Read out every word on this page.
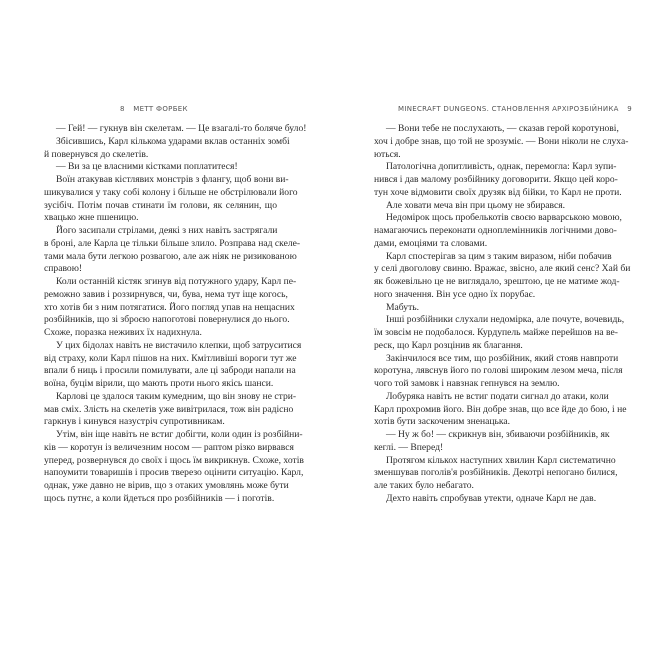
8 МЕТТ ФОРБЕК
— Гей! — гукнув він скелетам. — Це взагалі-то боляче було!
Збісившись, Карл кількома ударами вклав останніх зомбі
й повернувся до скелетів.
— Ви за це власними кістками поплатитеся!
Воїн атакував кістлявих монстрів з флангу, щоб вони ви-
шикувалися у таку собі колону і більше не обстрілювали його
зусібіч. Потім почав стинати їм голови, як селянин, що
хвацько жне пшеницю.
Його засипали стрілами, деякі з них навіть застрягали
в броні, але Карла це тільки більше злило. Розправа над скеле-
тами мала бути легкою розвагою, але аж ніяк не ризикованою
справою!
Коли останній кістяк згинув від потужного удару, Карл пе-
реможно завив і роззирнувся, чи, бува, нема тут іще когось,
хто хотів би з ним потягатися. Його погляд упав на нещасних
розбійників, що зі зброєю напоготові повернулися до нього.
Схоже, поразка неживих їх надихнула.
У цих бідолах навіть не вистачило клепки, щоб затруситися
від страху, коли Карл пішов на них. Кмітливіші вороги тут же
впали б ниць і просили помилувати, але ці заброди напали на
воїна, буцім вірили, що мають проти нього якісь шанси.
Карлові це здалося таким кумедним, що він знову не стри-
мав сміх. Злість на скелетів уже вивітрилася, тож він радісно
гаркнув і кинувся назустріч супротивникам.
Утім, він іще навіть не встиг добігти, коли один із розбійни-
ків — коротун із величезним носом — раптом різко вирвався
уперед, розвернувся до своїх і щось їм викрикнув. Схоже, хотів
напоумити товаришів і просив тверезо оцінити ситуацію. Карл,
однак, уже давно не вірив, що з отаких умовлянь може бути
щось путнє, а коли йдеться про розбійників — і поготів.
MINECRAFT DUNGEONS. СТАНОВЛЕННЯ АРХІРОЗБІЙНИКА 9
— Вони тебе не послухають, — сказав герой коротунові,
хоч і добре знав, що той не зрозуміє. — Вони ніколи не слуха-
ються.
Патологічна допитливість, однак, перемогла: Карл зупи-
нився і дав малому розбійнику договорити. Якщо цей коро-
тун хоче відмовити своїх друзяк від бійки, то Карл не проти.
Але ховати меча він при цьому не збирався.
Недомірок щось пробелькотів своєю варварською мовою,
намагаючись переконати одноплемінників логічними дово-
дами, емоціями та словами.
Карл спостерігав за цим з таким виразом, ніби побачив
у селі двоголову свиню. Вражає, звісно, але який сенс? Хай би
як божевільно це не виглядало, зрештою, це не матиме жод-
ного значення. Він усе одно їх порубає.
Мабуть.
Інші розбійники слухали недомірка, але почуте, вочевидь,
їм зовсім не подобалося. Курдупель майже перейшов на ве-
реск, що Карл розцінив як благання.
Закінчилося все тим, що розбійник, який стояв навпроти
коротуна, лявснув його по голові широким лезом меча, після
чого той замовк і навзнак гепнувся на землю.
Лобуряка навіть не встиг подати сигнал до атаки, коли
Карл прохромив його. Він добре знав, що все йде до бою, і не
хотів бути заскоченим зненацька.
— Ну ж бо! — скрикнув він, збиваючи розбійників, як
кеглі. — Вперед!
Протягом кількох наступних хвилин Карл систематично
зменшував поголів'я розбійників. Декотрі непогано билися,
але таких було небагато.
Дехто навіть спробував утекти, одначе Карл не дав.
